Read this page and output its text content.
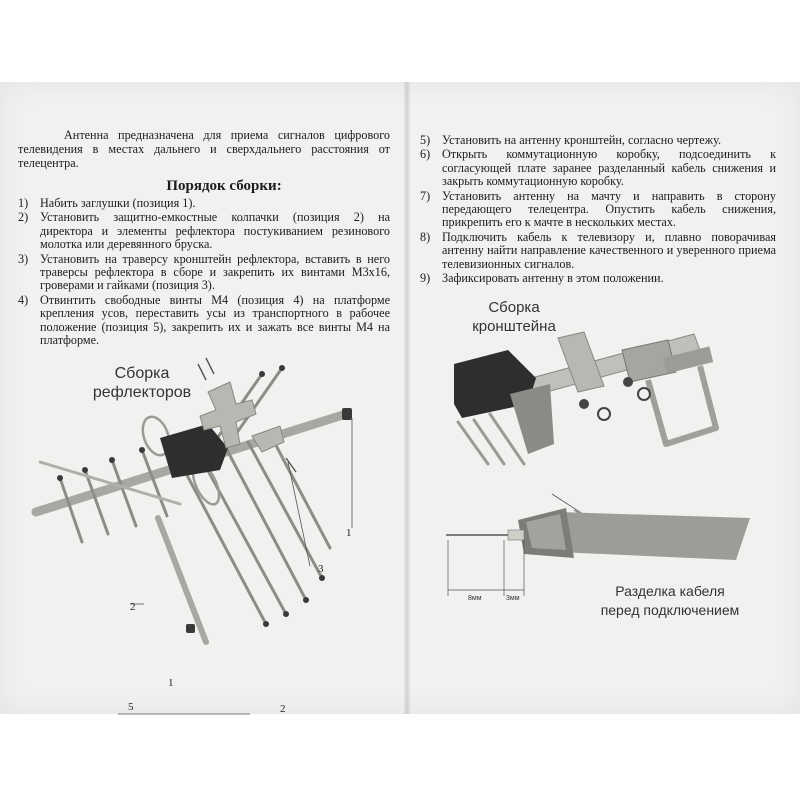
Антенна предназначена для приема сигналов цифрового телевидения в местах дальнего и сверхдальнего расстояния от телецентра.

Порядок сборки:
1) Набить заглушки (позиция 1).
2) Установить защитно-емкостные колпачки (позиция 2) на директора и элементы рефлектора постукиванием резинового молотка или деревянного бруска.
3) Установить на траверсу кронштейн рефлектора, вставить в него траверсы рефлектора в сборе и закрепить их винтами М3х16, гроверами и гайками (позиция 3).
4) Отвинтить свободные винты М4 (позиция 4) на платформе крепления усов, переставить усы из транспортного в рабочее положение (позиция 5), закрепить их и зажать все винты М4 на платформе.
5) Установить на антенну кронштейн, согласно чертежу.
6) Открыть коммутационную коробку, подсоединить к согласующей плате заранее разделанный кабель снижения и закрыть коммутационную коробку.
7) Установить антенну на мачту и направить в сторону передающего телецентра. Опустить кабель снижения, прикрепить его к мачте в нескольких местах.
8) Подключить кабель к телевизору и, плавно поворачивая антенну найти направление качественного и уверенного приема телевизионных сигналов.
9) Зафиксировать антенну в этом положении.
Сборка
рефлекторов
1
3
2
1
5	2
Сборка
кронштейна
8мм	3мм	Разделка кабеля
перед подключением
